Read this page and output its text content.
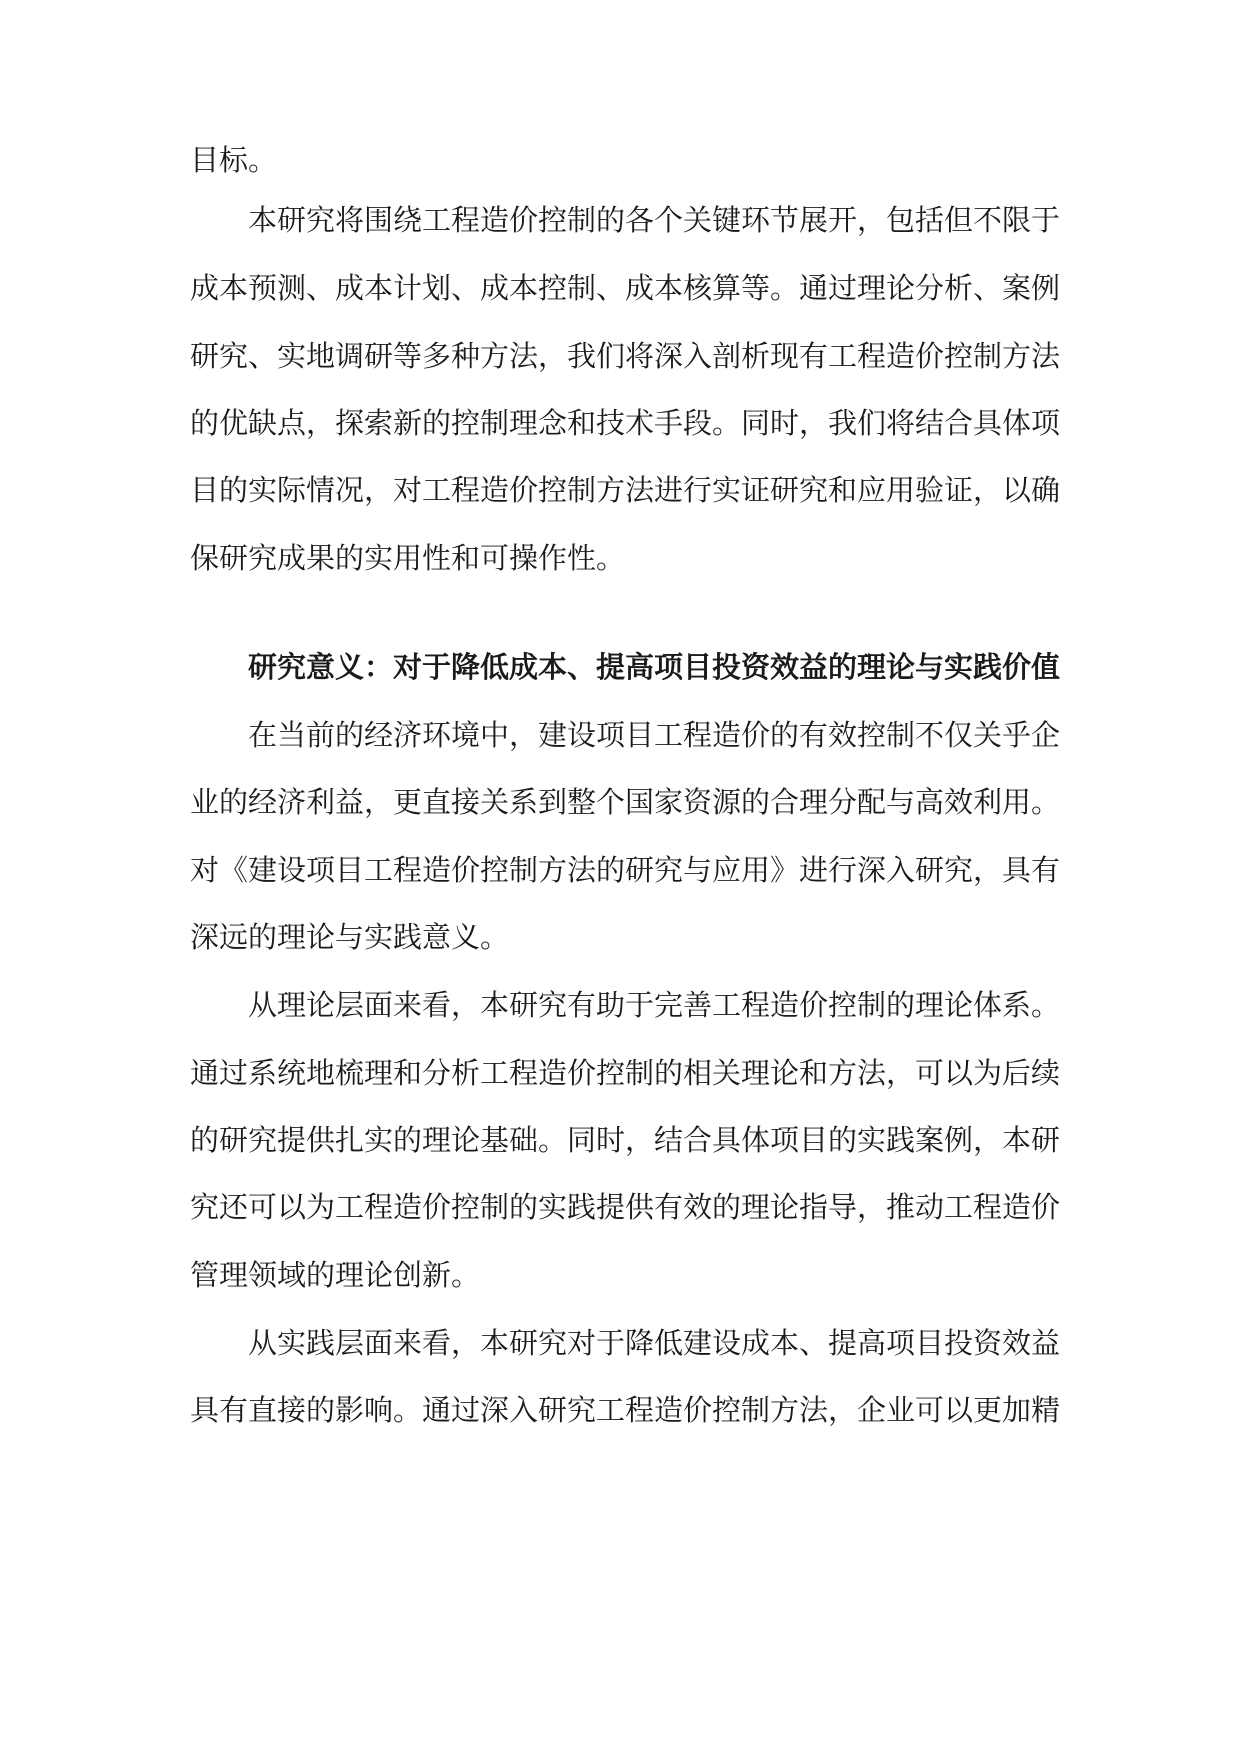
目标。
本研究将围绕工程造价控制的各个关键环节展开，包括但不限于
成本预测、成本计划、成本控制、成本核算等。通过理论分析、案例
研究、实地调研等多种方法，我们将深入剖析现有工程造价控制方法
的优缺点，探索新的控制理念和技术手段。同时，我们将结合具体项
目的实际情况，对工程造价控制方法进行实证研究和应用验证，以确
保研究成果的实用性和可操作性。
研究意义：对于降低成本、提高项目投资效益的理论与实践价值
在当前的经济环境中，建设项目工程造价的有效控制不仅关乎企
业的经济利益，更直接关系到整个国家资源的合理分配与高效利用。
对《建设项目工程造价控制方法的研究与应用》进行深入研究，具有
深远的理论与实践意义。
从理论层面来看，本研究有助于完善工程造价控制的理论体系。
通过系统地梳理和分析工程造价控制的相关理论和方法，可以为后续
的研究提供扎实的理论基础。同时，结合具体项目的实践案例，本研
究还可以为工程造价控制的实践提供有效的理论指导，推动工程造价
管理领域的理论创新。
从实践层面来看，本研究对于降低建设成本、提高项目投资效益
具有直接的影响。通过深入研究工程造价控制方法，企业可以更加精
